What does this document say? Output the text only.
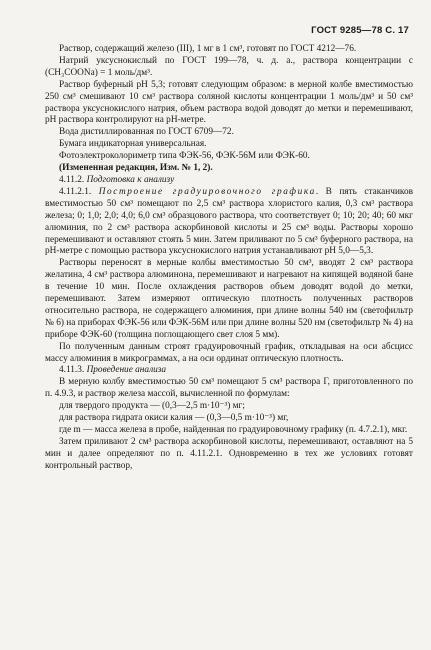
ГОСТ 9285—78 С. 17

Раствор, содержащий железо (III), 1 мг в 1 см³, готовят по ГОСТ 4212—76.

Натрий уксуснокислый по ГОСТ 199—78, ч. д. а., раствора концентрации c (CH₃COONa) = 1 моль/дм³.

Раствор буферный pH 5,3; готовят следующим образом: в мерной колбе вместимостью 250 см³ смешивают 10 см³ раствора соляной кислоты концентрации 1 моль/дм³ и 50 см³ раствора уксуснокислого натрия, объем раствора водой доводят до метки и перемешивают, pH раствора контролируют на pH-метре.

Вода дистиллированная по ГОСТ 6709—72.

Бумага индикаторная универсальная.

Фотоэлектроколориметр типа ФЭК-56, ФЭК-56М или ФЭК-60.

(Измененная редакция, Изм. № 1, 2).

4.11.2. Подготовка к анализу

4.11.2.1. Построение градуировочного графика. В пять стаканчиков вместимостью 50 см³ помещают по 2,5 см³ раствора хлористого калия, 0,3 см³ раствора железа; 0; 1,0; 2,0; 4,0; 6,0 см³ образцового раствора, что соответствует 0; 10; 20; 40; 60 мкг алюминия, по 2 см³ раствора аскорбиновой кислоты и 25 см³ воды. Растворы хорошо перемешивают и оставляют стоять 5 мин. Затем приливают по 5 см³ буферного раствора, на pH-метре с помощью раствора уксуснокислого натрия устанавливают pH 5,0—5,3.

Растворы переносят в мерные колбы вместимостью 50 см³, вводят 2 см³ раствора желатина, 4 см³ раствора алюминона, перемешивают и нагревают на кипящей водяной бане в течение 10 мин. После охлаждения растворов объем доводят водой до метки, перемешивают. Затем измеряют оптическую плотность полученных растворов относительно раствора, не содержащего алюминия, при длине волны 540 нм (светофильтр № 6) на приборах ФЭК-56 или ФЭК-56М или при длине волны 520 нм (светофильтр № 4) на приборе ФЭК-60 (толщина поглощающего свет слоя 5 мм).

По полученным данным строят градуировочный график, откладывая на оси абсцисс массу алюминия в микрограммах, а на оси ординат оптическую плотность.

4.11.3. Проведение анализа

В мерную колбу вместимостью 50 см³ помещают 5 см³ раствора Г, приготовленного по п. 4.9.3, и раствор железа массой, вычисленной по формулам:

для твердого продукта — (0,3—2,5 m·10⁻³) мг;

для раствора гидрата окиси калия — (0,3—0,5 m·10⁻³) мг,

где m — масса железа в пробе, найденная по градуировочному графику (п. 4.7.2.1), мкг.

Затем приливают 2 см³ раствора аскорбиновой кислоты, перемешивают, оставляют на 5 мин и далее определяют по п. 4.11.2.1. Одновременно в тех же условиях готовят контрольный раствор,
